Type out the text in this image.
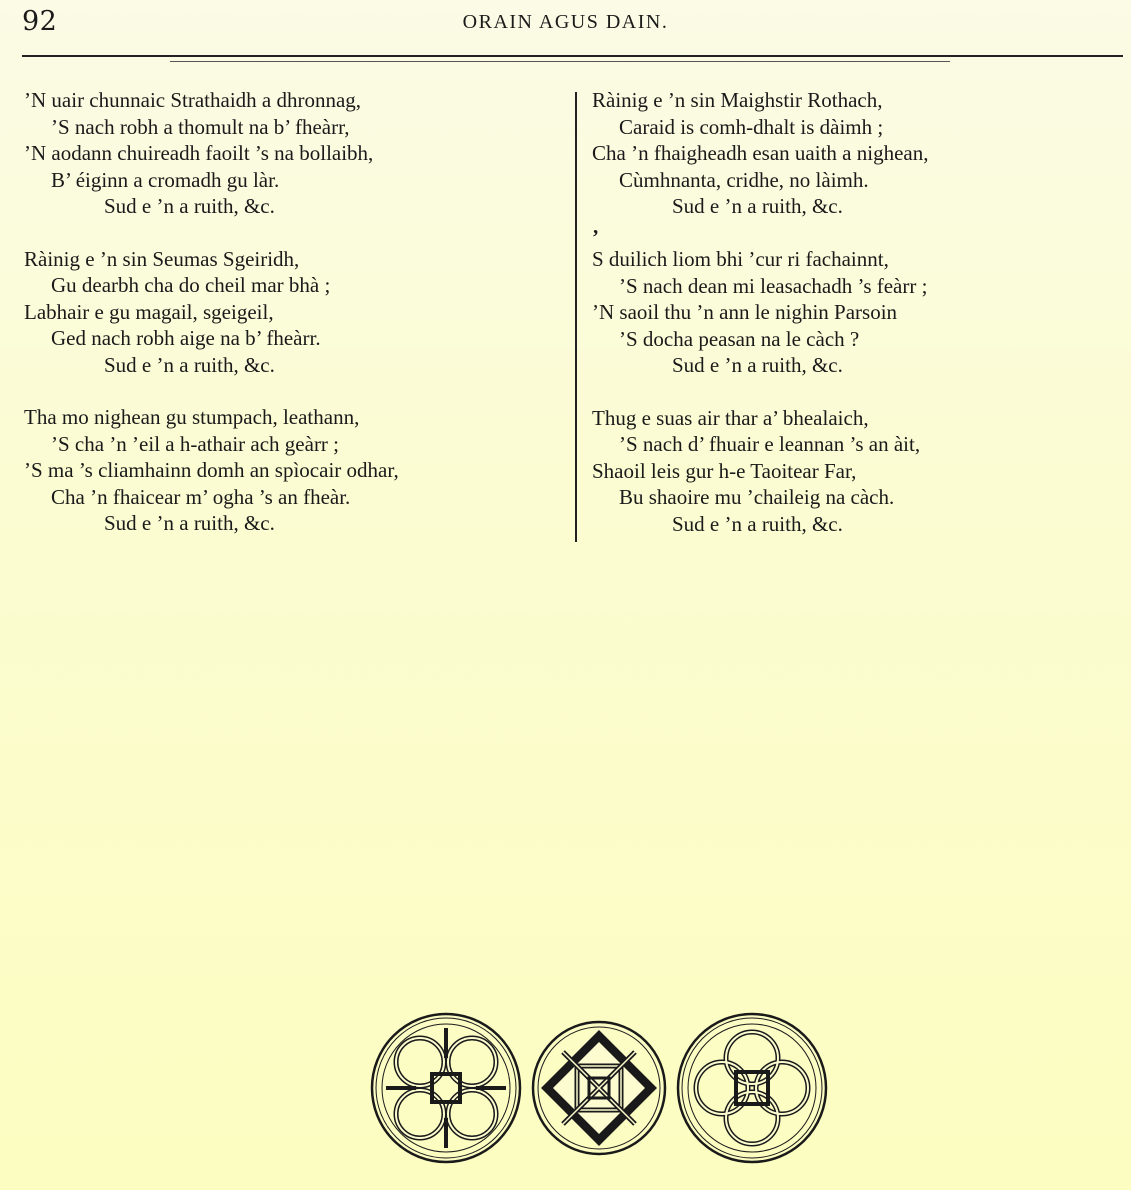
92	ORAIN AGUS DAIN.
’N uair chunnaic Strathaidh a dhronnag,
’S nach robh a thomult na b’ fheàrr,
’N aodann chuireadh faoilt ’s na bollaibh,
B’ éiginn a cromadh gu làr.
Sud e ’n a ruith, &c.
Ràinig e ’n sin Seumas Sgeiridh,
Gu dearbh cha do cheil mar bhà ;
Labhair e gu magail, sgeigeil,
Ged nach robh aige na b’ fheàrr.
Sud e ’n a ruith, &c.
Tha mo nighean gu stumpach, leathann,
’S cha ’n ’eil a h-athair ach geàrr ;
’S ma ’s cliamhainn domh an spìocair odhar,
Cha ’n fhaicear m’ ogha ’s an fheàr.
Sud e ’n a ruith, &c.
Ràinig e ’n sin Maighstir Rothach,
Caraid is comh-dhalt is dàimh ;
Cha ’n fhaigheadh esan uaith a nighean,
Cùmhnanta, cridhe, no làimh.
Sud e ’n a ruith, &c.
’
S duilich liom bhi ’cur ri fachainnt,
’S nach dean mi leasachadh ’s feàrr ;
’N saoil thu ’n ann le nighin Parsoin
’S docha peasan na le càch ?
Sud e ’n a ruith, &c.
Thug e suas air thar a’ bhealaich,
’S nach d’ fhuair e leannan ’s an àit,
Shaoil leis gur h-e Taoitear Far,
Bu shaoire mu ’chaileig na càch.
Sud e ’n a ruith, &c.
